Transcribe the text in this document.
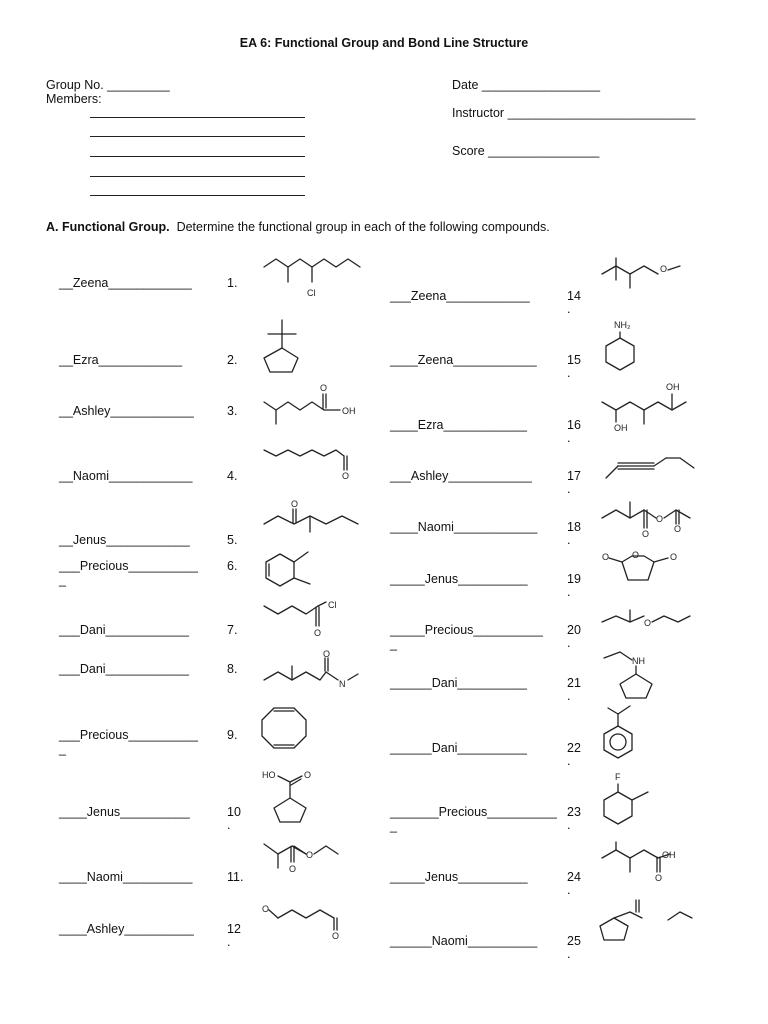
EA 6: Functional Group and Bond Line Structure
Group No. _________
Members:
Date _________________
Instructor ___________________________
Score ________________
A. Functional Group. Determine the functional group in each of the following compounds.
__Zeena____________	1.
__Ezra____________	2.
__Ashley____________	3.
__Naomi____________	4.
__Jenus____________	5.
___Precious__________
_
6.
___Dani____________	7.
___Dani____________	8.
___Precious__________
_
9.
____Jenus__________	10
.
____Naomi__________	11.
____Ashley__________	12
.
___Zeena____________	14
.
____Zeena____________ 15
.
____Ezra____________	16
.
___Ashley____________	17
.
____Naomi____________ 18
.
_____Jenus__________	19
.
_____Precious__________
_
20
.
______Dani__________	21
.
______Dani__________	22
.
_______Precious__________
_
23
.
_____Jenus__________	24
.
______Naomi__________ 25
.
Cl
O
OH
O
O
Cl
O
O
N
HO	O
O
O
O
O
O
NH₂
OH
OH
O
O
O
O	O	O
O
NH
F
OH
O
